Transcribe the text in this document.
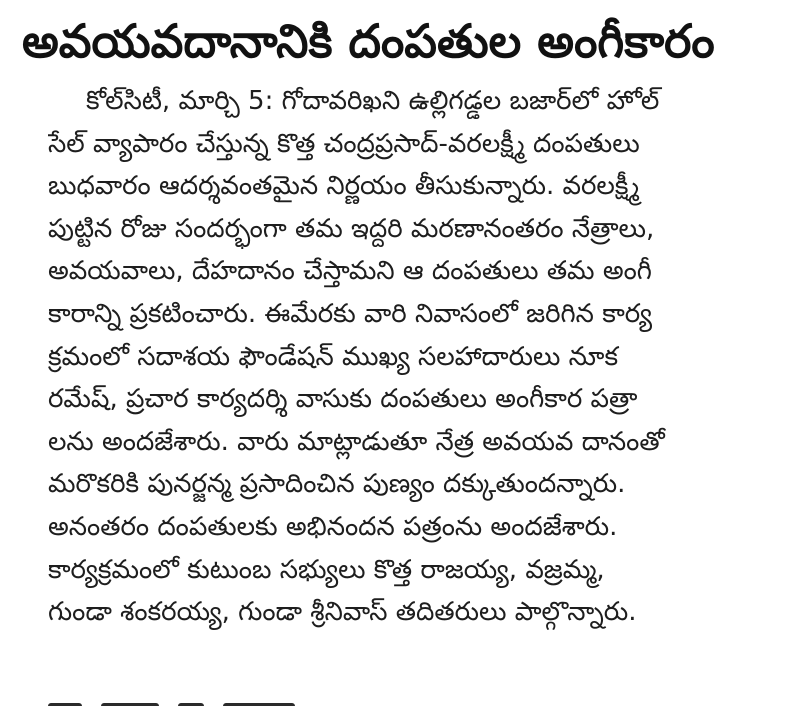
అవయవదానానికి దంపతుల అంగీకారం
కోల్‌సిటీ, మార్చి 5: గోదావరిఖని ఉల్లిగడ్డల బజార్‌లో హోల్
సేల్ వ్యాపారం చేస్తున్న కొత్త చంద్రప్రసాద్-వరలక్ష్మీ దంపతులు
బుధవారం ఆదర్శవంతమైన నిర్ణయం తీసుకున్నారు. వరలక్ష్మీ
పుట్టిన రోజు సందర్భంగా తమ ఇద్దరి మరణానంతరం నేత్రాలు,
అవయవాలు, దేహదానం చేస్తామని ఆ దంపతులు తమ అంగీ
కారాన్ని ప్రకటించారు. ఈమేరకు వారి నివాసంలో జరిగిన కార్య
క్రమంలో సదాశయ ఫౌండేషన్ ముఖ్య సలహాదారులు నూక
రమేష్, ప్రచార కార్యదర్శి వాసుకు దంపతులు అంగీకార పత్రా
లను అందజేశారు. వారు మాట్లాడుతూ నేత్ర అవయవ దానంతో
మరొకరికి పునర్జన్మ ప్రసాదించిన పుణ్యం దక్కుతుందన్నారు.
అనంతరం దంపతులకు అభినందన పత్రంను అందజేశారు.
కార్యక్రమంలో కుటుంబ సభ్యులు కొత్త రాజయ్య, వజ్రమ్మ,
గుండా శంకరయ్య, గుండా శ్రీనివాస్ తదితరులు పాల్గొన్నారు.
